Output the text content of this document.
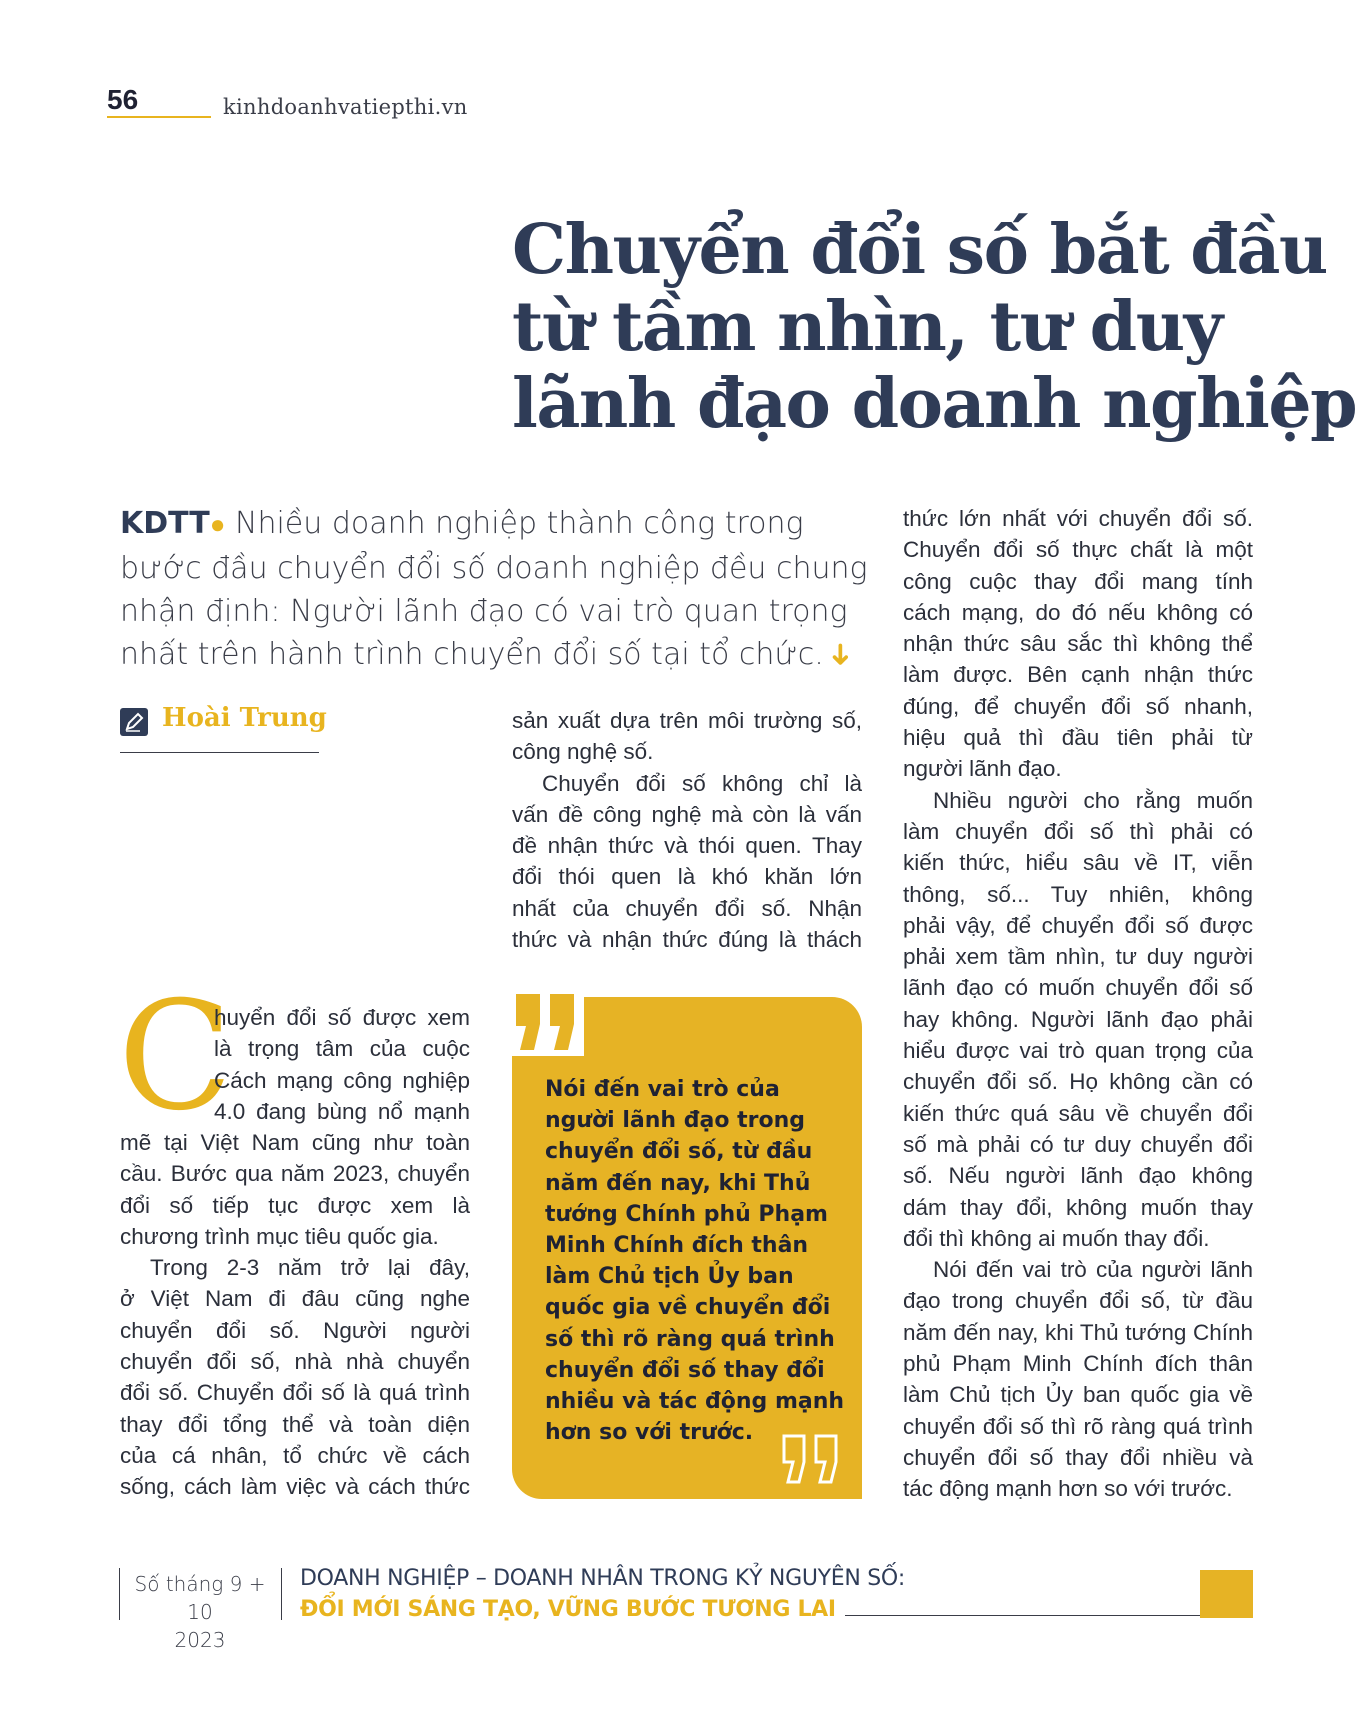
56	kinhdoanhvatiepthi.vn
Chuyển đổi số bắt đầu
từ tầm nhìn, tư duy
lãnh đạo doanh nghiệp
KDTT● Nhiều doanh nghiệp thành công trong
bước đầu chuyển đổi số doanh nghiệp đều chung
nhận định: Người lãnh đạo có vai trò quan trọng
nhất trên hành trình chuyển đổi số tại tổ chức.➜
Hoài Trung
C
huyển đổi số được xem
là trọng tâm của cuộc
Cách mạng công nghiệp
4.0 đang bùng nổ mạnh
mẽ tại Việt Nam cũng như toàn
cầu. Bước qua năm 2023, chuyển
đổi số tiếp tục được xem là
chương trình mục tiêu quốc gia.
Trong 2-3 năm trở lại đây,
ở Việt Nam đi đâu cũng nghe
chuyển đổi số. Người người
chuyển đổi số, nhà nhà chuyển
đổi số. Chuyển đổi số là quá trình
thay đổi tổng thể và toàn diện
của cá nhân, tổ chức về cách
sống, cách làm việc và cách thức
sản xuất dựa trên môi trường số,
công nghệ số.
Chuyển đổi số không chỉ là
vấn đề công nghệ mà còn là vấn
đề nhận thức và thói quen. Thay
đổi thói quen là khó khăn lớn
nhất của chuyển đổi số. Nhận
thức và nhận thức đúng là thách
Nói đến vai trò của
người lãnh đạo trong
chuyển đổi số, từ đầu
năm đến nay, khi Thủ
tướng Chính phủ Phạm
Minh Chính đích thân
làm Chủ tịch Ủy ban
quốc gia về chuyển đổi
số thì rõ ràng quá trình
chuyển đổi số thay đổi
nhiều và tác động mạnh
hơn so với trước.
thức lớn nhất với chuyển đổi số.
Chuyển đổi số thực chất là một
công cuộc thay đổi mang tính
cách mạng, do đó nếu không có
nhận thức sâu sắc thì không thể
làm được. Bên cạnh nhận thức
đúng, để chuyển đổi số nhanh,
hiệu quả thì đầu tiên phải từ
người lãnh đạo.
Nhiều người cho rằng muốn
làm chuyển đổi số thì phải có
kiến thức, hiểu sâu về IT, viễn
thông, số... Tuy nhiên, không
phải vậy, để chuyển đổi số được
phải xem tầm nhìn, tư duy người
lãnh đạo có muốn chuyển đổi số
hay không. Người lãnh đạo phải
hiểu được vai trò quan trọng của
chuyển đổi số. Họ không cần có
kiến thức quá sâu về chuyển đổi
số mà phải có tư duy chuyển đổi
số. Nếu người lãnh đạo không
dám thay đổi, không muốn thay
đổi thì không ai muốn thay đổi.
Nói đến vai trò của người lãnh
đạo trong chuyển đổi số, từ đầu
năm đến nay, khi Thủ tướng Chính
phủ Phạm Minh Chính đích thân
làm Chủ tịch Ủy ban quốc gia về
chuyển đổi số thì rõ ràng quá trình
chuyển đổi số thay đổi nhiều và
tác động mạnh hơn so với trước.
Số tháng 9 + 10
2023
DOANH NGHIỆP – DOANH NHÂN TRONG KỶ NGUYÊN SỐ:
ĐỔI MỚI SÁNG TẠO, VỮNG BƯỚC TƯƠNG LAI
